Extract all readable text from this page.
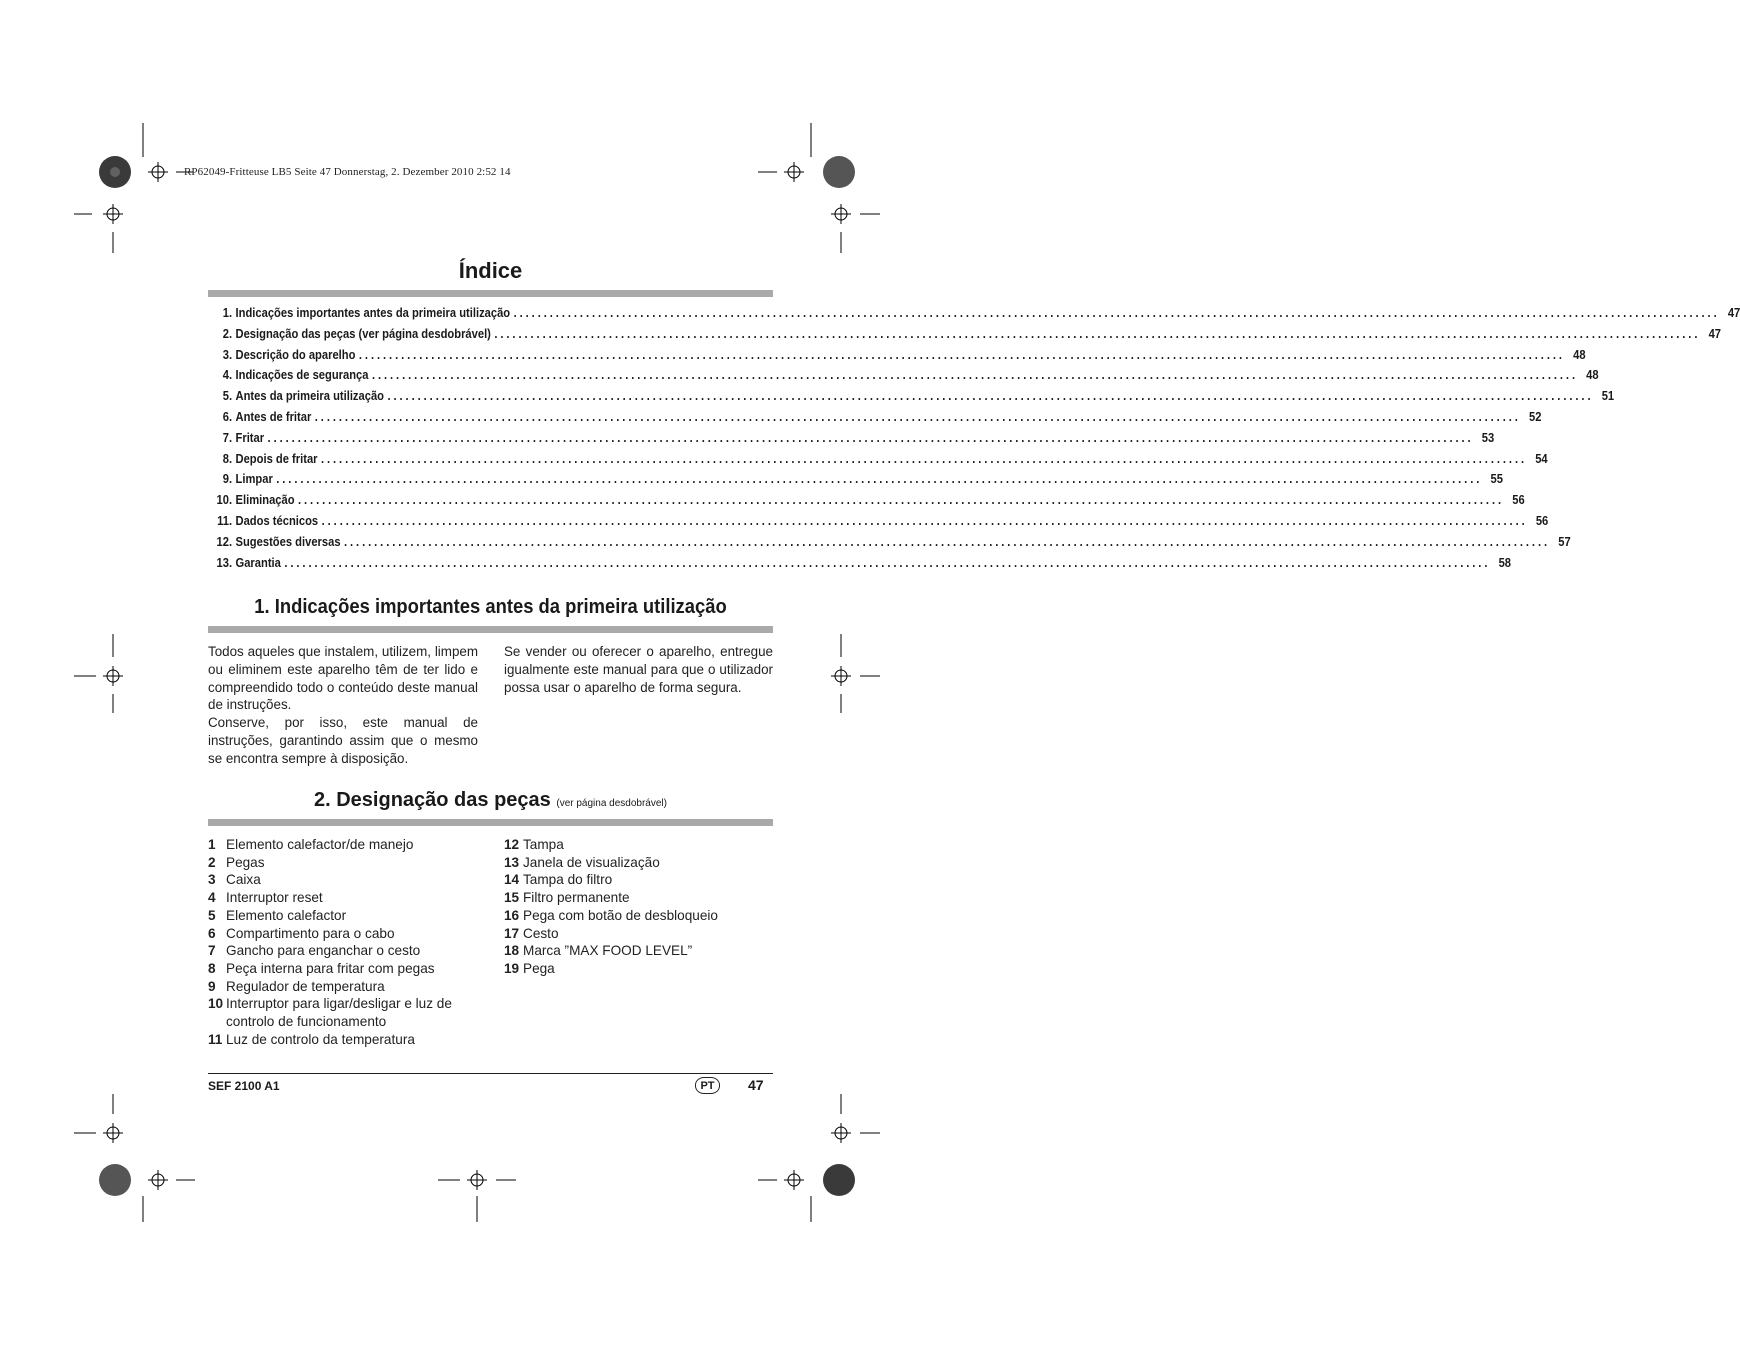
RP62049-Fritteuse LB5 Seite 47 Donnerstag, 2. Dezember 2010 2:52 14
Índice
1. Indicações importantes antes da primeira utilização ........................................................................................................................................................................................................ 47
2. Designação das peças (ver página desdobrável) ........................................................................................................................................................................................................ 47
3. Descrição do aparelho ........................................................................................................................................................................................................ 48
4. Indicações de segurança ........................................................................................................................................................................................................ 48
5. Antes da primeira utilização ........................................................................................................................................................................................................ 51
6. Antes de fritar ........................................................................................................................................................................................................ 52
7. Fritar ........................................................................................................................................................................................................ 53
8. Depois de fritar ........................................................................................................................................................................................................ 54
9. Limpar ........................................................................................................................................................................................................ 55
10. Eliminação ........................................................................................................................................................................................................ 56
11. Dados técnicos ........................................................................................................................................................................................................ 56
12. Sugestões diversas ........................................................................................................................................................................................................ 57
13. Garantia ........................................................................................................................................................................................................ 58
1. Indicações importantes antes da primeira utilização

Todos aqueles que instalem, utilizem, limpem ou eliminem este aparelho têm de ter lido e compreendido todo o conteúdo deste manual de instruções.

Conserve, por isso, este manual de instruções, garantindo assim que o mesmo se encontra sempre à disposição.

Se vender ou oferecer o aparelho, entregue igualmente este manual para que o utilizador possa usar o aparelho de forma segura.

2. Designação das peças (ver página desdobrável)
1 Elemento calefactor/de manejo
2 Pegas
3 Caixa
4 Interruptor reset
5 Elemento calefactor
6 Compartimento para o cabo
7 Gancho para enganchar o cesto
8 Peça interna para fritar com pegas
9 Regulador de temperatura
10 Interruptor para ligar/desligar e luz de controlo de funcionamento
11 Luz de controlo da temperatura
12 Tampa
13 Janela de visualização
14 Tampa do filtro
15 Filtro permanente
16 Pega com botão de desbloqueio
17 Cesto
18 Marca ”MAX FOOD LEVEL”
19 Pega
SEF 2100 A1	PT	47
